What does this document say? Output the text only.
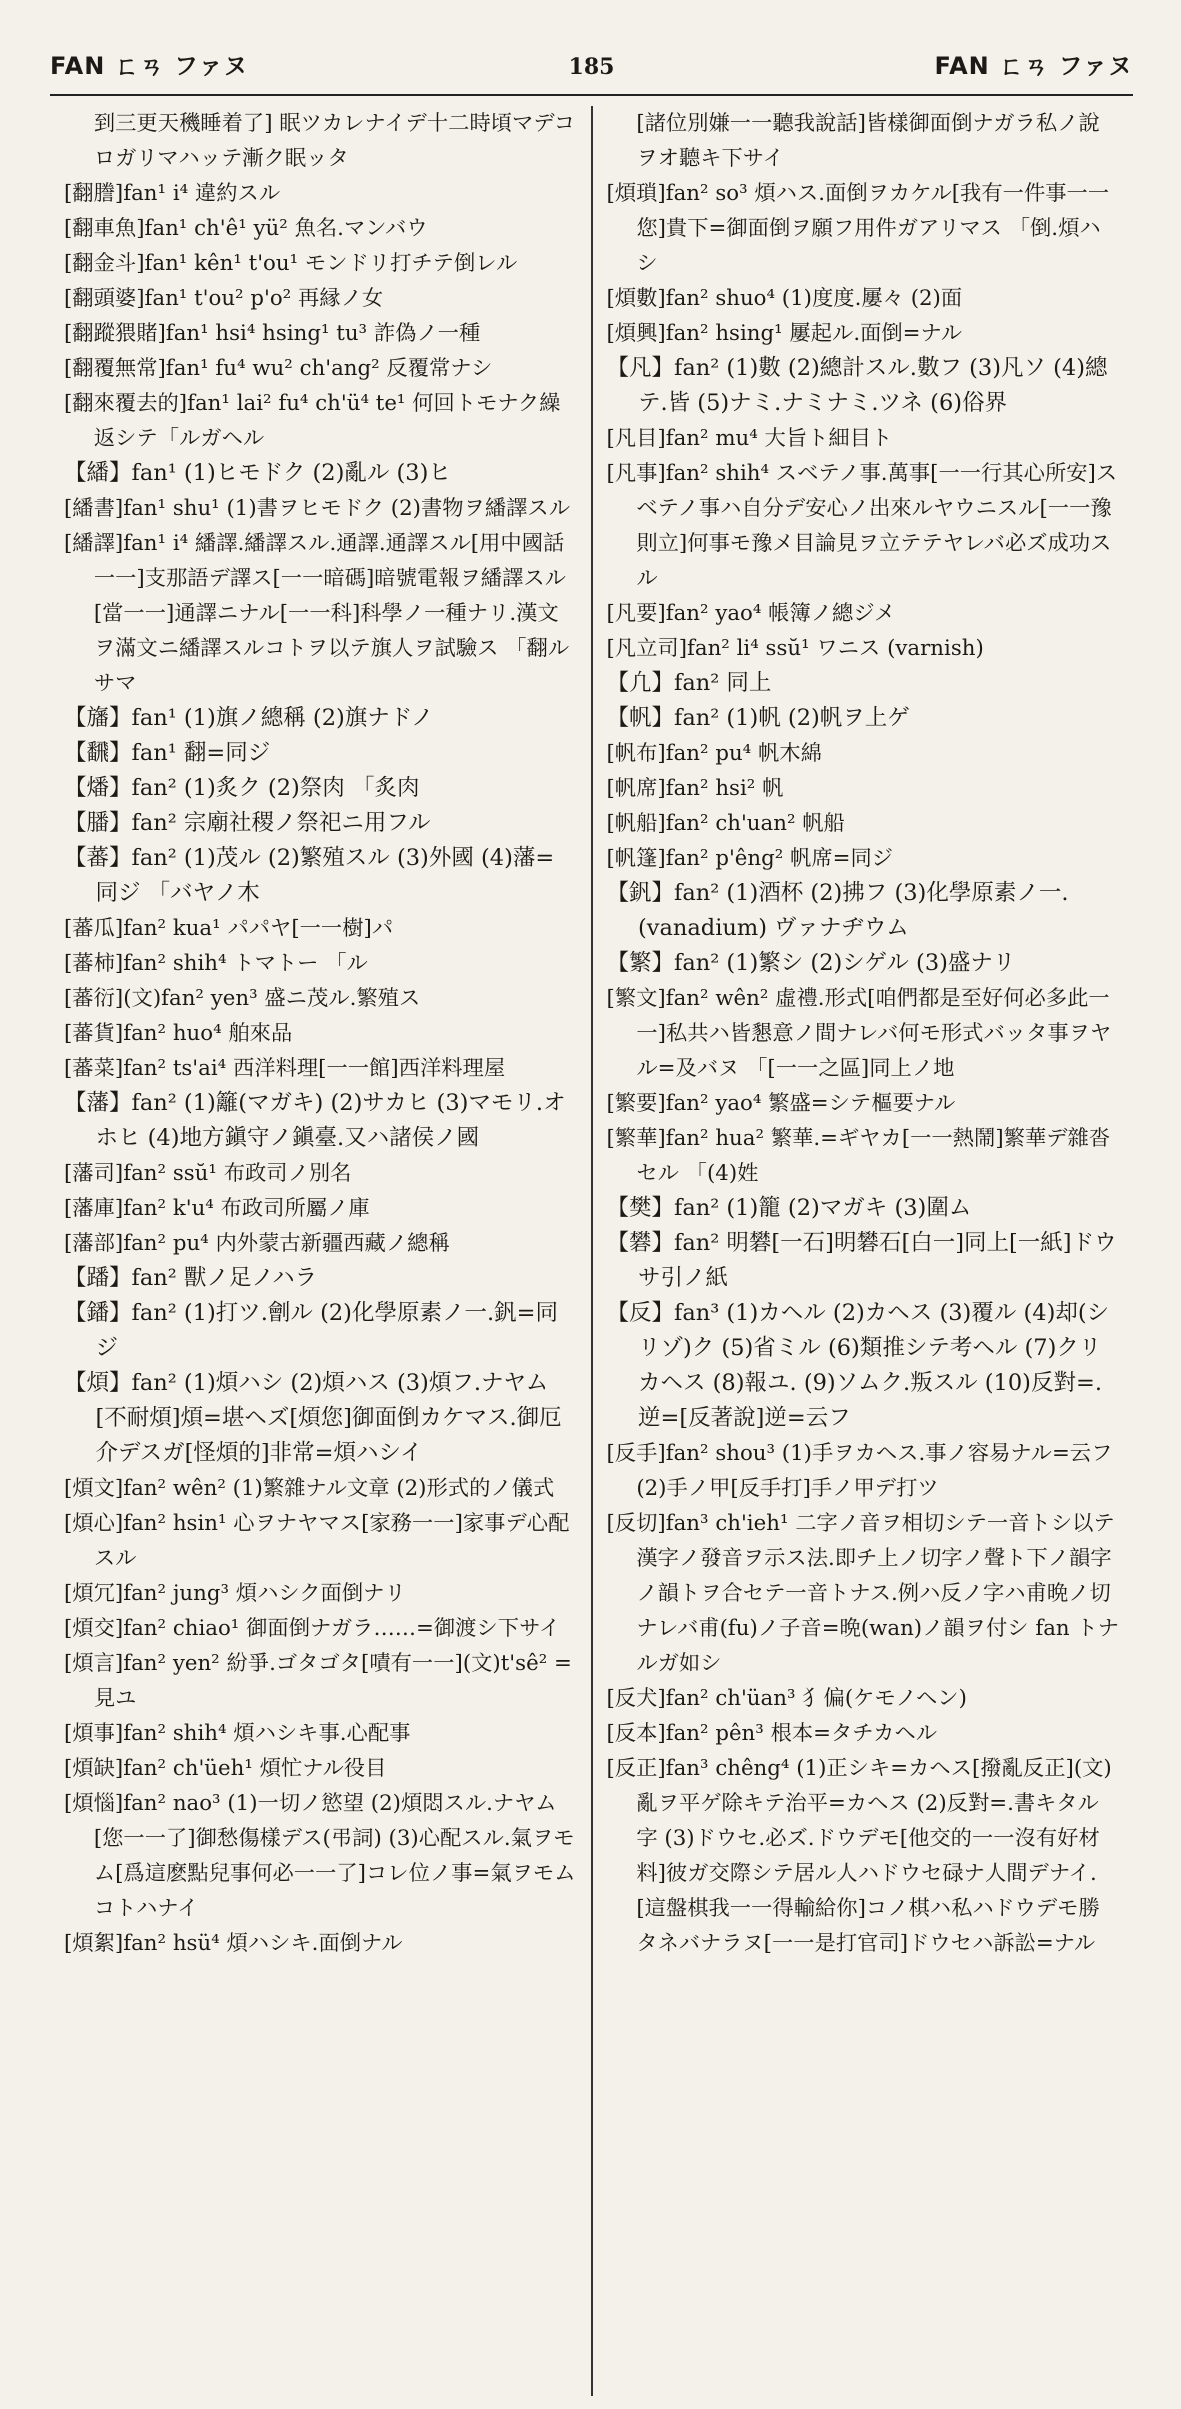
FAN ㄈㄢ ファヌ	185	FAN ㄈㄢ ファヌ

到三更天穖睡着了] 眠ツカレナイデ十二時頃マデコロガリマハッテ漸ク眠ッタ

[翻謄]fan¹ i⁴ 違約スル

[翻車魚]fan¹ ch'ê¹ yü² 魚名.マンバウ

[翻金斗]fan¹ kên¹ t'ou¹ モンドリ打チテ倒レル

[翻頭婆]fan¹ t'ou² p'o² 再縁ノ女

[翻蹤猥賭]fan¹ hsi⁴ hsing¹ tu³ 詐偽ノ一種

[翻覆無常]fan¹ fu⁴ wu² ch'ang² 反覆常ナシ

[翻來覆去的]fan¹ lai² fu⁴ ch'ü⁴ te¹ 何回トモナク繰返シテ「ルガヘル

【繙】fan¹ (1)ヒモドク (2)亂ル (3)ヒ

[繙書]fan¹ shu¹ (1)書ヲヒモドク (2)書物ヲ繙譯スル

[繙譯]fan¹ i⁴ 繙譯.繙譯スル.通譯.通譯スル[用中國話一一]支那語デ譯ス[一一暗碼]暗號電報ヲ繙譯スル[當一一]通譯ニナル[一一科]科學ノ一種ナリ.漢文ヲ滿文ニ繙譯スルコトヲ以テ旗人ヲ試驗ス 「翻ルサマ

【旛】fan¹ (1)旗ノ總稱 (2)旗ナドノ

【飜】fan¹ 翻=同ジ

【燔】fan² (1)炙ク (2)祭肉 「炙肉

【膰】fan² 宗廟社稷ノ祭祀ニ用フル

【蕃】fan² (1)茂ル (2)繁殖スル (3)外國 (4)藩=同ジ 「バヤノ木

[蕃瓜]fan² kua¹ パパヤ[一一樹]パ

[蕃柿]fan² shih⁴ トマトー 「ル

[蕃衍](文)fan² yen³ 盛ニ茂ル.繁殖ス

[蕃貨]fan² huo⁴ 舶來品

[蕃菜]fan² ts'ai⁴ 西洋料理[一一館]西洋料理屋

【藩】fan² (1)籬(マガキ) (2)サカヒ (3)マモリ.オホヒ (4)地方鎭守ノ鎭臺.又ハ諸侯ノ國

[藩司]fan² ssŭ¹ 布政司ノ別名

[藩庫]fan² k'u⁴ 布政司所屬ノ庫

[藩部]fan² pu⁴ 内外蒙古新疆西藏ノ總稱

【蹯】fan² 獸ノ足ノハラ

【鐇】fan² (1)打ツ.劊ル (2)化學原素ノ一.釩=同ジ

【煩】fan² (1)煩ハシ (2)煩ハス (3)煩フ.ナヤム[不耐煩]煩=堪ヘズ[煩您]御面倒カケマス.御厄介デスガ[怪煩的]非常=煩ハシイ

[煩文]fan² wên² (1)繁雜ナル文章 (2)形式的ノ儀式

[煩心]fan² hsin¹ 心ヲナヤマス[家務一一]家事デ心配スル

[煩冗]fan² jung³ 煩ハシク面倒ナリ

[煩交]fan² chiao¹ 御面倒ナガラ……=御渡シ下サイ

[煩言]fan² yen² 紛爭.ゴタゴタ[嘖有一一](文)t'sê² =見ユ

[煩事]fan² shih⁴ 煩ハシキ事.心配事

[煩缺]fan² ch'üeh¹ 煩忙ナル役目

[煩惱]fan² nao³ (1)一切ノ慾望 (2)煩悶スル.ナヤム[您一一了]御愁傷樣デス(弔詞) (3)心配スル.氣ヲモム[爲這麽點兒事何必一一了]コレ位ノ事=氣ヲモムコトハナイ

[煩絮]fan² hsü⁴ 煩ハシキ.面倒ナル

[諸位別嫌一一聽我說話]皆樣御面倒ナガラ私ノ說ヲオ聽キ下サイ

[煩瑣]fan² so³ 煩ハス.面倒ヲカケル[我有一件事一一您]貴下=御面倒ヲ願フ用件ガアリマス 「倒.煩ハシ

[煩數]fan² shuo⁴ (1)度度.屢々 (2)面

[煩興]fan² hsing¹ 屢起ル.面倒=ナル

【凡】fan² (1)數 (2)總計スル.數フ (3)凡ソ (4)總テ.皆 (5)ナミ.ナミナミ.ツネ (6)俗界

[凡目]fan² mu⁴ 大旨ト細目ト

[凡事]fan² shih⁴ スベテノ事.萬事[一一行其心所安]スベテノ事ハ自分デ安心ノ出來ルヤウニスル[一一豫則立]何事モ豫メ目論見ヲ立テテヤレバ必ズ成功スル

[凡要]fan² yao⁴ 帳簿ノ總ジメ

[凡立司]fan² li⁴ ssŭ¹ ワニス (varnish)

【凢】fan² 同上

【帆】fan² (1)帆 (2)帆ヲ上ゲ

[帆布]fan² pu⁴ 帆木綿

[帆席]fan² hsi² 帆

[帆船]fan² ch'uan² 帆船

[帆篷]fan² p'êng² 帆席=同ジ

【釩】fan² (1)酒杯 (2)拂フ (3)化學原素ノ一. (vanadium) ヴァナヂウム

【繁】fan² (1)繁シ (2)シゲル (3)盛ナリ

[繁文]fan² wên² 虛禮.形式[咱們都是至好何必多此一一]私共ハ皆懇意ノ間ナレバ何モ形式バッタ事ヲヤル=及バヌ 「[一一之區]同上ノ地

[繁要]fan² yao⁴ 繁盛=シテ樞要ナル

[繁華]fan² hua² 繁華.=ギヤカ[一一熱鬧]繁華デ雜沓セル 「(4)姓

【樊】fan² (1)籠 (2)マガキ (3)圍ム

【礬】fan² 明礬[一石]明礬石[白一]同上[一紙]ドウサ引ノ紙

【反】fan³ (1)カヘル (2)カヘス (3)覆ル (4)却(シリゾ)ク (5)省ミル (6)類推シテ考ヘル (7)クリカヘス (8)報ユ. (9)ソムク.叛スル (10)反對=.逆=[反著說]逆=云フ

[反手]fan² shou³ (1)手ヲカヘス.事ノ容易ナル=云フ (2)手ノ甲[反手打]手ノ甲デ打ツ

[反切]fan³ ch'ieh¹ 二字ノ音ヲ相切シテ一音トシ以テ漢字ノ發音ヲ示ス法.即チ上ノ切字ノ聲ト下ノ韻字ノ韻トヲ合セテ一音トナス.例ハ反ノ字ハ甫晩ノ切ナレバ甫(fu)ノ子音=晩(wan)ノ韻ヲ付シ fan トナルガ如シ

[反犬]fan² ch'üan³ 犭偏(ケモノヘン)

[反本]fan² pên³ 根本=タチカヘル

[反正]fan³ chêng⁴ (1)正シキ=カヘス[撥亂反正](文)亂ヲ平ゲ除キテ治平=カヘス (2)反對=.書キタル字 (3)ドウセ.必ズ.ドウデモ[他交的一一沒有好材料]彼ガ交際シテ居ル人ハドウセ碌ナ人間デナイ.[這盤棋我一一得輸給你]コノ棋ハ私ハドウデモ勝タネバナラヌ[一一是打官司]ドウセハ訴訟=ナル
